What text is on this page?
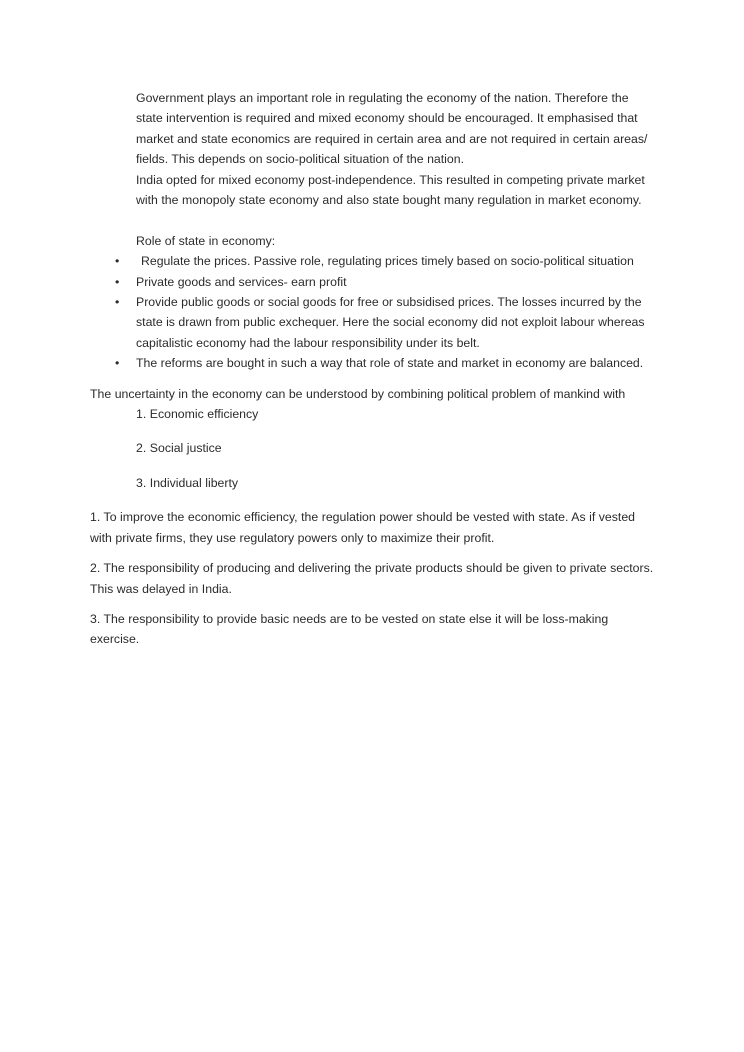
Government plays an important role in regulating the economy of the nation. Therefore the state intervention is required and mixed economy should be encouraged. It emphasised that market and state economics are required in certain area and are not required in certain areas/ fields. This depends on socio-political situation of the nation.

India opted for mixed economy post-independence. This resulted in competing private market with the monopoly state economy and also state bought many regulation in market economy.

Role of state in economy:

• Regulate the prices. Passive role, regulating prices timely based on socio-political situation
• Private goods and services- earn profit
• Provide public goods or social goods for free or subsidised prices. The losses incurred by the state is drawn from public exchequer. Here the social economy did not exploit labour whereas capitalistic economy had the labour responsibility under its belt.
• The reforms are bought in such a way that role of state and market in economy are balanced.

The uncertainty in the economy can be understood by combining political problem of mankind with

1. Economic efficiency

2. Social justice

3. Individual liberty

1. To improve the economic efficiency, the regulation power should be vested with state. As if vested with private firms, they use regulatory powers only to maximize their profit.

2. The responsibility of producing and delivering the private products should be given to private sectors. This was delayed in India.

3. The responsibility to provide basic needs are to be vested on state else it will be loss-making exercise.
